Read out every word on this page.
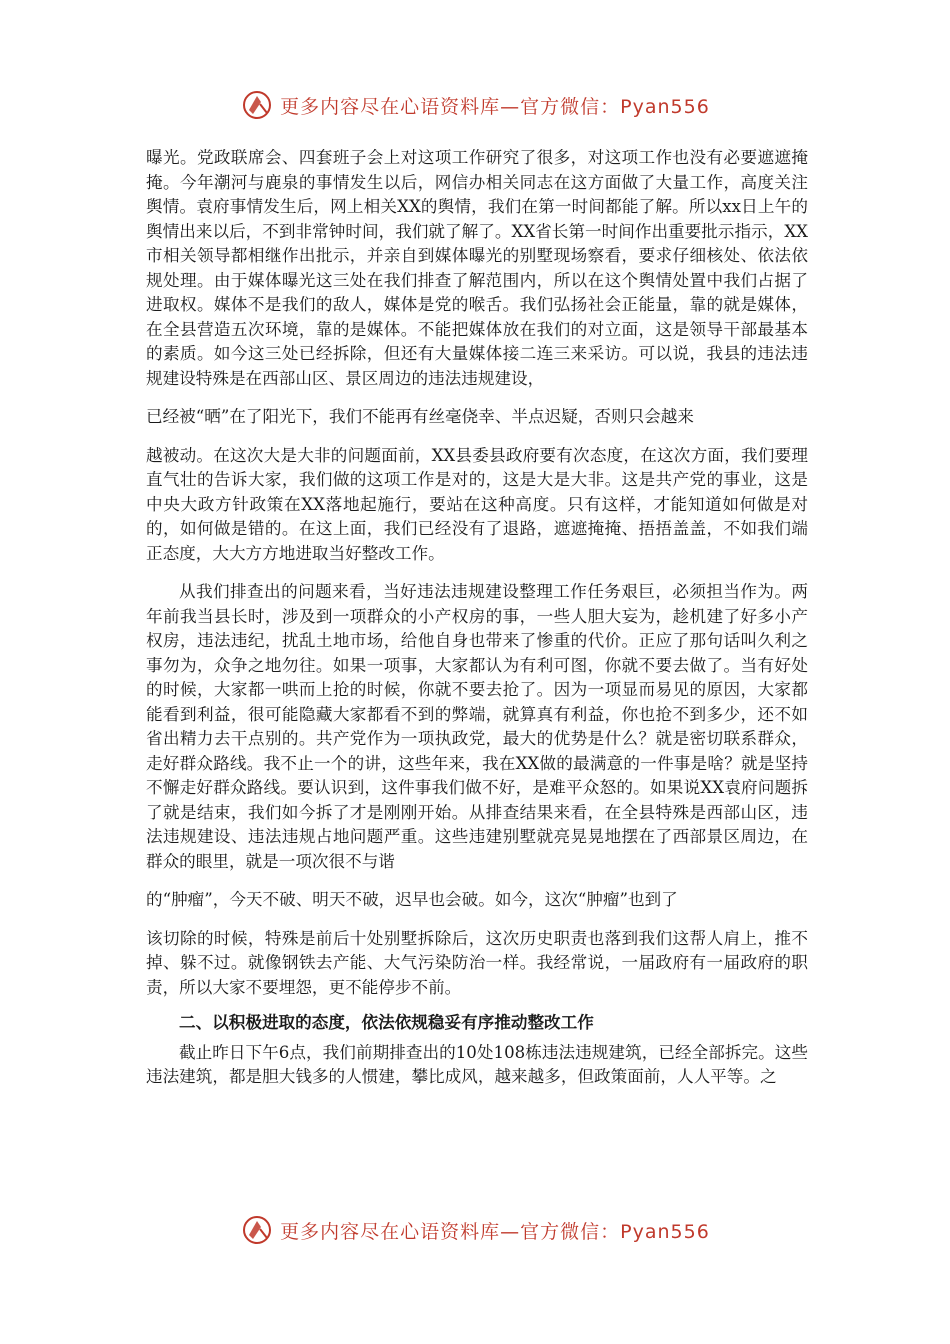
更多内容尽在心语资料库—官方微信：Pyan556

曝光。党政联席会、四套班子会上对这项工作研究了很多，对这项工作也没有必要遮遮掩掩。今年潮河与鹿泉的事情发生以后，网信办相关同志在这方面做了大量工作，高度关注舆情。袁府事情发生后，网上相关XX的舆情，我们在第一时间都能了解。所以xx日上午的舆情出来以后，不到非常钟时间，我们就了解了。XX省长第一时间作出重要批示指示，XX市相关领导都相继作出批示，并亲自到媒体曝光的别墅现场察看，要求仔细核处、依法依规处理。由于媒体曝光这三处在我们排查了解范围内，所以在这个舆情处置中我们占据了进取权。媒体不是我们的敌人，媒体是党的喉舌。我们弘扬社会正能量，靠的就是媒体，在全县营造五次环境，靠的是媒体。不能把媒体放在我们的对立面，这是领导干部最基本的素质。如今这三处已经拆除，但还有大量媒体接二连三来采访。可以说，我县的违法违规建设特殊是在西部山区、景区周边的违法违规建设，

已经被“晒”在了阳光下，我们不能再有丝毫侥幸、半点迟疑，否则只会越来

越被动。在这次大是大非的问题面前，XX县委县政府要有次态度，在这次方面，我们要理直气壮的告诉大家，我们做的这项工作是对的，这是大是大非。这是共产党的事业，这是中央大政方针政策在XX落地起施行，要站在这种高度。只有这样，才能知道如何做是对的，如何做是错的。在这上面，我们已经没有了退路，遮遮掩掩、捂捂盖盖，不如我们端正态度，大大方方地进取当好整改工作。

从我们排查出的问题来看，当好违法违规建设整理工作任务艰巨，必须担当作为。两年前我当县长时，涉及到一项群众的小产权房的事，一些人胆大妄为，趁机建了好多小产权房，违法违纪，扰乱土地市场，给他自身也带来了惨重的代价。正应了那句话叫久利之事勿为，众争之地勿往。如果一项事，大家都认为有利可图，你就不要去做了。当有好处的时候，大家都一哄而上抢的时候，你就不要去抢了。因为一项显而易见的原因，大家都能看到利益，很可能隐藏大家都看不到的弊端，就算真有利益，你也抢不到多少，还不如省出精力去干点别的。共产党作为一项执政党，最大的优势是什么？就是密切联系群众，走好群众路线。我不止一个的讲，这些年来，我在XX做的最满意的一件事是啥？就是坚持不懈走好群众路线。要认识到，这件事我们做不好，是难平众怒的。如果说XX袁府问题拆了就是结束，我们如今拆了才是刚刚开始。从排查结果来看，在全县特殊是西部山区，违法违规建设、违法违规占地问题严重。这些违建别墅就亮晃晃地摆在了西部景区周边，在群众的眼里，就是一项次很不与谐

的“肿瘤”，今天不破、明天不破，迟早也会破。如今，这次“肿瘤”也到了

该切除的时候，特殊是前后十处别墅拆除后，这次历史职责也落到我们这帮人肩上，推不掉、躲不过。就像钢铁去产能、大气污染防治一样。我经常说，一届政府有一届政府的职责，所以大家不要埋怨，更不能停步不前。

二、以积极进取的态度，依法依规稳妥有序推动整改工作

截止昨日下午6点，我们前期排查出的10处108栋违法违规建筑，已经全部拆完。这些违法建筑，都是胆大钱多的人惯建，攀比成风，越来越多，但政策面前，人人平等。之

更多内容尽在心语资料库—官方微信：Pyan556
